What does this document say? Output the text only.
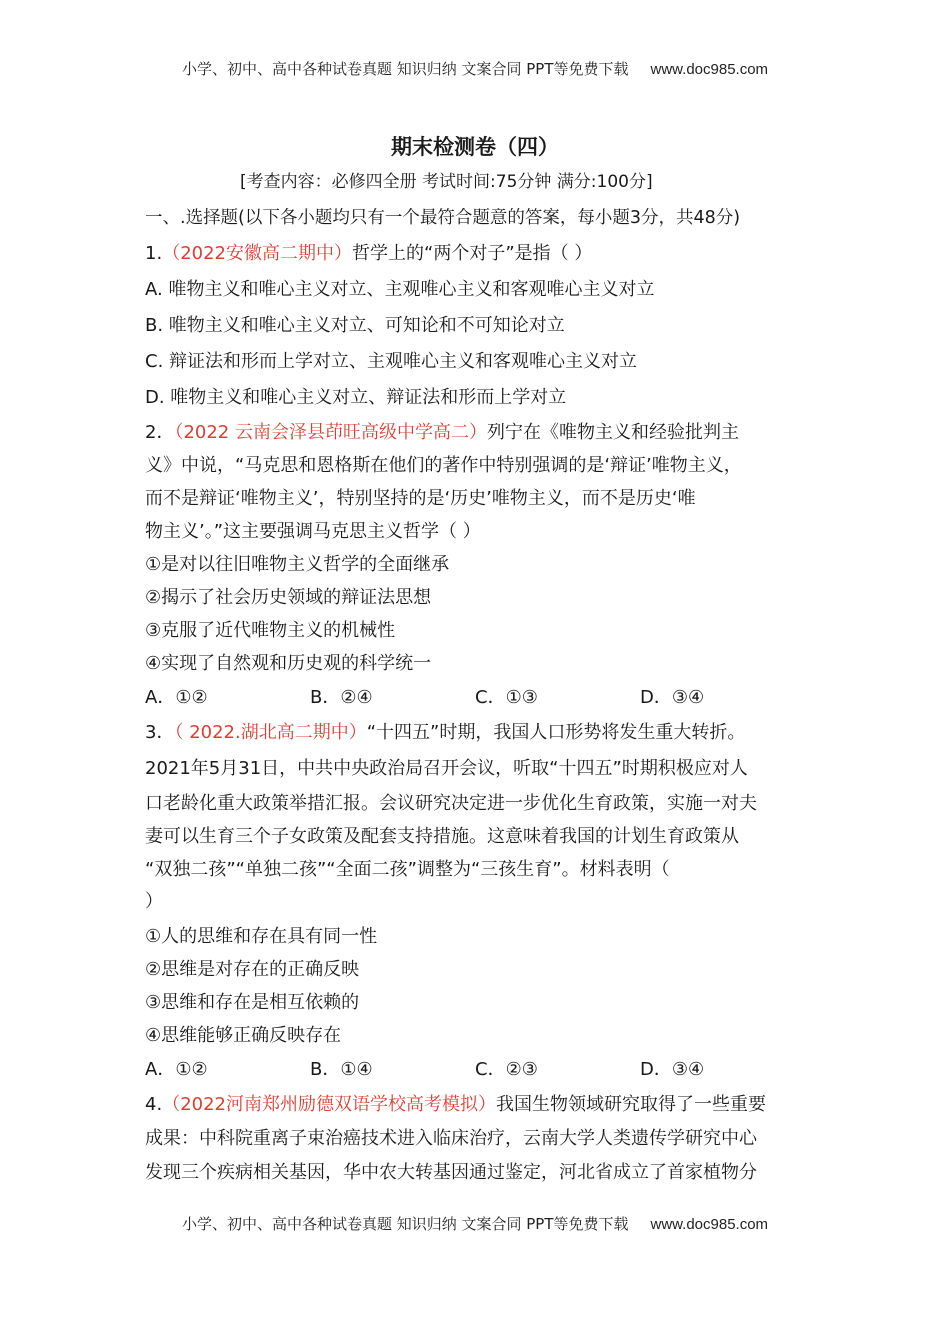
小学、初中、高中各种试卷真题 知识归纳 文案合同 PPT等免费下载 www.doc985.com
期末检测卷（四）
[考查内容：必修四全册 考试时间:75分钟 满分:100分]
一、.选择题(以下各小题均只有一个最符合题意的答案，每小题3分，共48分)
1.（2022安徽高二期中）哲学上的“两个对子”是指（ ）
A. 唯物主义和唯心主义对立、主观唯心主义和客观唯心主义对立
B. 唯物主义和唯心主义对立、可知论和不可知论对立
C. 辩证法和形而上学对立、主观唯心主义和客观唯心主义对立
D. 唯物主义和唯心主义对立、辩证法和形而上学对立
2．（2022 云南会泽县茚旺高级中学高二）列宁在《唯物主义和经验批判主
义》中说，“马克思和恩格斯在他们的著作中特别强调的是‘辩证’唯物主义，
而不是辩证‘唯物主义’，特别坚持的是‘历史’唯物主义，而不是历史‘唯
物主义’。”这主要强调马克思主义哲学（ ）
①是对以往旧唯物主义哲学的全面继承
②揭示了社会历史领域的辩证法思想
③克服了近代唯物主义的机械性
④实现了自然观和历史观的科学统一
A．①②	B．②④	C．①③	D．③④
3．（ 2022.湖北高二期中）“十四五”时期，我国人口形势将发生重大转折。
2021年5月31日，中共中央政治局召开会议，听取“十四五”时期积极应对人
口老龄化重大政策举措汇报。会议研究决定进一步优化生育政策，实施一对夫
妻可以生育三个子女政策及配套支持措施。这意味着我国的计划生育政策从
“双独二孩”“单独二孩”“全面二孩”调整为“三孩生育”。材料表明（
）
①人的思维和存在具有同一性
②思维是对存在的正确反映
③思维和存在是相互依赖的
④思维能够正确反映存在
A．①②	B．①④	C．②③	D．③④
4.（2022河南郑州励德双语学校高考模拟）我国生物领域研究取得了一些重要
成果：中科院重离子束治癌技术进入临床治疗，云南大学人类遗传学研究中心
发现三个疾病相关基因，华中农大转基因通过鉴定，河北省成立了首家植物分
小学、初中、高中各种试卷真题 知识归纳 文案合同 PPT等免费下载 www.doc985.com
